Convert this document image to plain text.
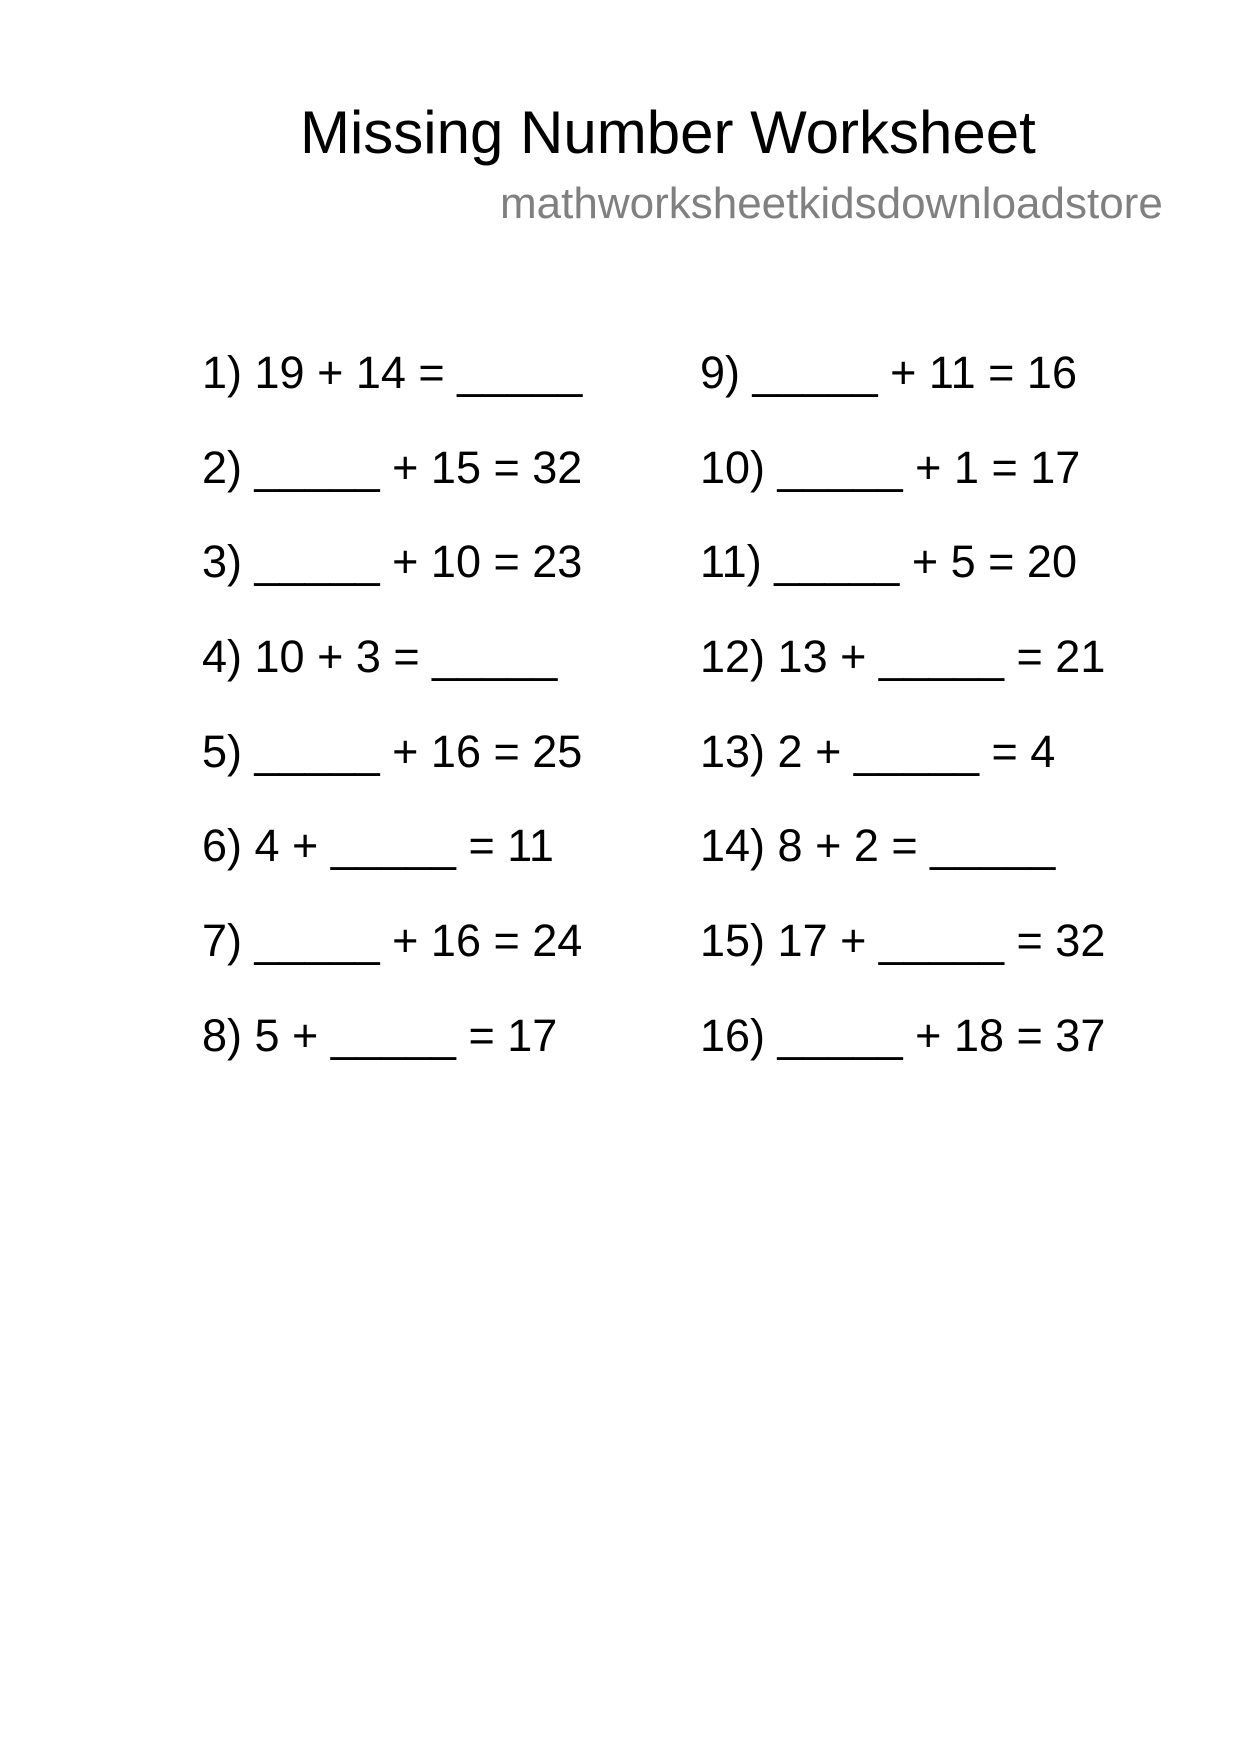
Missing Number Worksheet
mathworksheetkidsdownloadstore
1) 19 + 14 = _____
2) _____ + 15 = 32
3) _____ + 10 = 23
4) 10 + 3 = _____
5) _____ + 16 = 25
6) 4 + _____ = 11
7) _____ + 16 = 24
8) 5 + _____ = 17
9) _____ + 11 = 16
10) _____ + 1 = 17
11) _____ + 5 = 20
12) 13 + _____ = 21
13) 2 + _____ = 4
14) 8 + 2 = _____
15) 17 + _____ = 32
16) _____ + 18 = 37
